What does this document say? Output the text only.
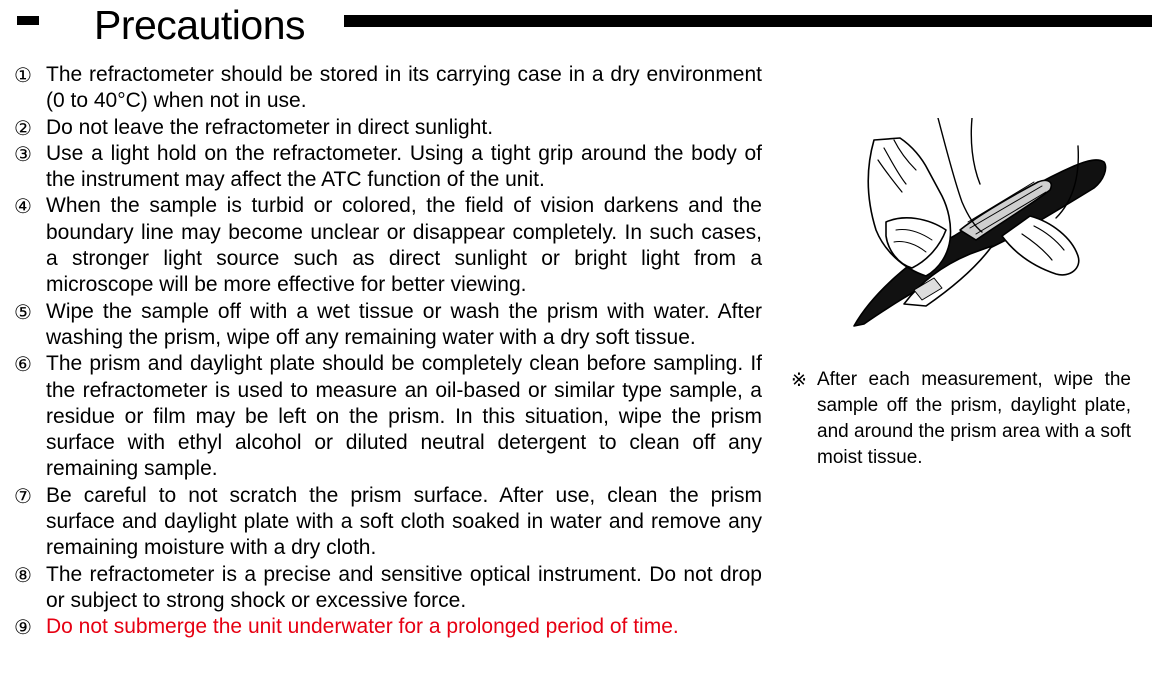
Precautions
① The refractometer should be stored in its carrying case in a dry environment (0 to 40°C) when not in use.
② Do not leave the refractometer in direct sunlight.
③ Use a light hold on the refractometer. Using a tight grip around the body of the instrument may affect the ATC function of the unit.
④ When the sample is turbid or colored, the field of vision darkens and the boundary line may become unclear or disappear completely. In such cases, a stronger light source such as direct sunlight or bright light from a microscope will be more effective for better viewing.
⑤ Wipe the sample off with a wet tissue or wash the prism with water. After washing the prism, wipe off any remaining water with a dry soft tissue.
⑥ The prism and daylight plate should be completely clean before sampling. If the refractometer is used to measure an oil-based or similar type sample, a residue or film may be left on the prism. In this situation, wipe the prism surface with ethyl alcohol or diluted neutral detergent to clean off any remaining sample.
⑦ Be careful to not scratch the prism surface. After use, clean the prism surface and daylight plate with a soft cloth soaked in water and remove any remaining moisture with a dry cloth.
⑧ The refractometer is a precise and sensitive optical instrument. Do not drop or subject to strong shock or excessive force.
⑨ Do not submerge the unit underwater for a prolonged period of time.
※ After each measurement, wipe the sample off the prism, daylight plate, and around the prism area with a soft moist tissue.
